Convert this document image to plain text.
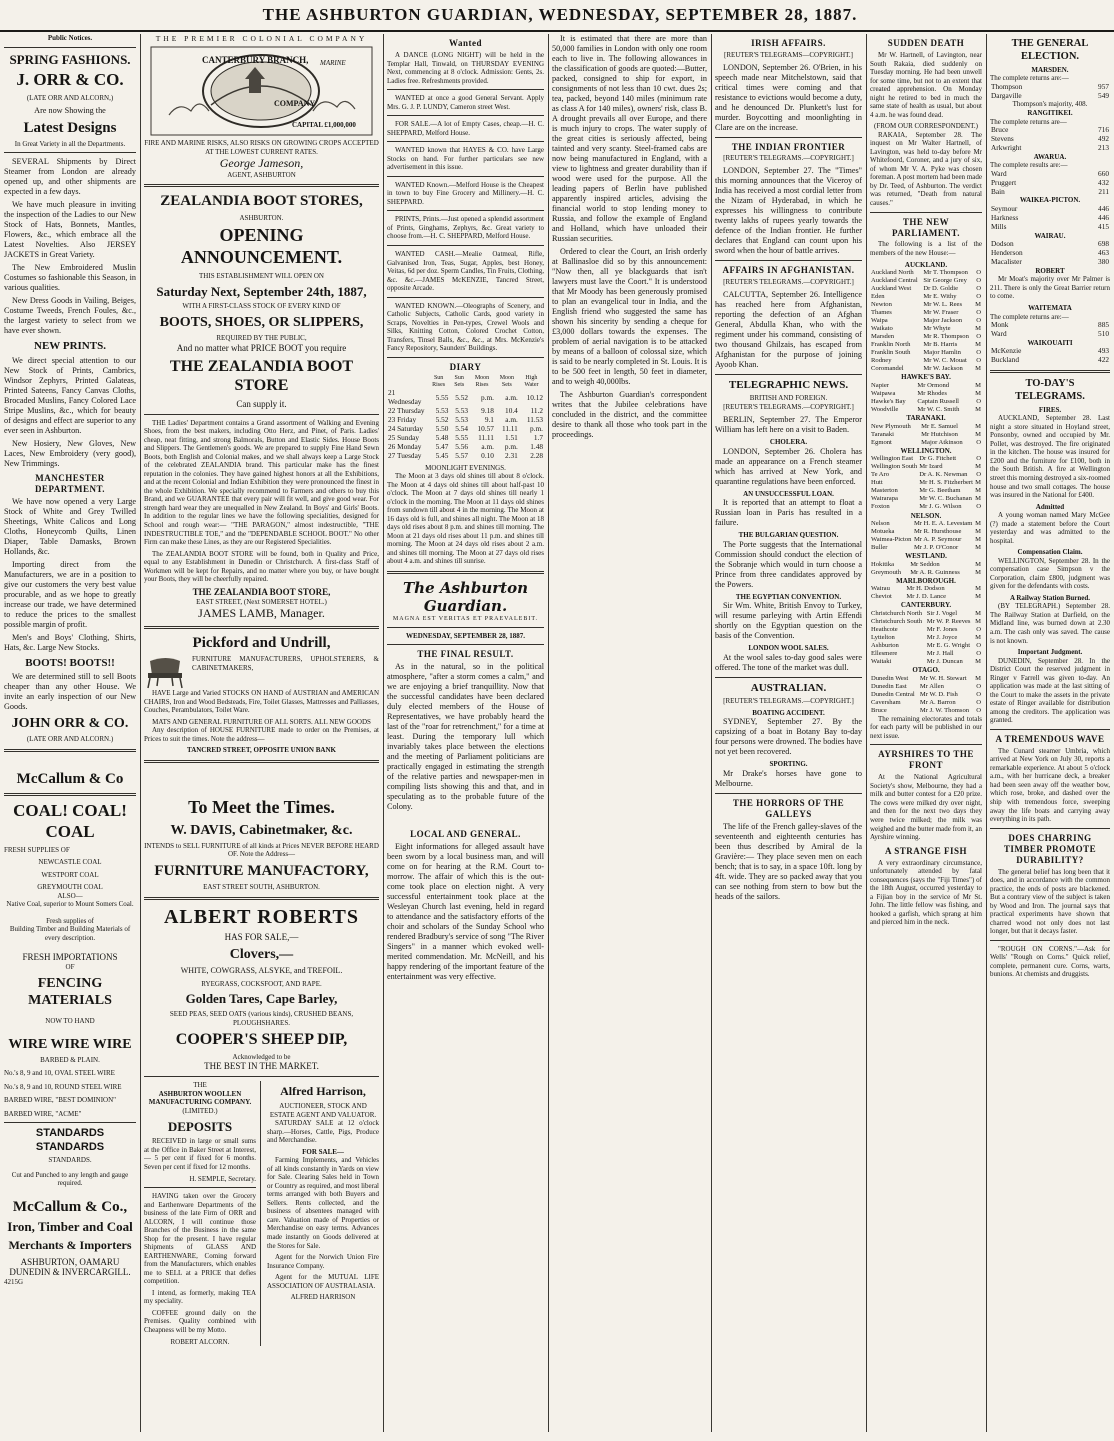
THE ASHBURTON GUARDIAN, WEDNESDAY, SEPTEMBER 28, 1887.
Public Notices.
SPRING FASHIONS.
J. ORR & CO.
(LATE ORR AND ALCORN,)
Are now Showing the
Latest Designs
In Great Variety in all the Departments.

SEVERAL Shipments by Direct Steamer from London are already opened up, and other shipments are expected in a few days.

We have much pleasure in inviting the inspection of the Ladies to our New Stock of Hats, Bonnets, Mantles, Flowers, &c., which embrace all the Latest Novelties. Also JERSEY JACKETS in Great Variety.

The New Embroidered Muslin Costumes so fashionable this Season, in various qualities.

New Dress Goods in Vailing, Beiges, Costume Tweeds, French Foules, &c., the largest variety to select from we have ever shown.

NEW PRINTS.

We direct special attention to our New Stock of Prints, Cambrics, Windsor Zephyrs, Printed Galateas, Printed Sateens, Fancy Canvas Cloths, Brocaded Muslins, Fancy Colored Lace Stripe Muslins, &c., which for beauty of designs and effect are superior to any ever seen in Ashburton.

New Hosiery, New Gloves, New Laces, New Embroidery (very good), New Trimmings.

MANCHESTER DEPARTMENT.

We have now opened a very Large Stock of White and Grey Twilled Sheetings, White Calicos and Long Cloths, Honeycomb Quilts, Linen Diaper, Table Damasks, Brown Hollands, &c.

Importing direct from the Manufacturers, we are in a position to give our customers the very best value procurable, and as we hope to greatly increase our trade, we have determined to reduce the prices to the smallest possible margin of profit.

Men's and Boys' Clothing, Shirts, Hats, &c. Large New Stocks.

BOOTS! BOOTS!!

We are determined still to sell Boots cheaper than any other House. We invite an early inspection of our New Goods.

JOHN ORR & CO.
(LATE ORR AND ALCORN.)
McCallum & Co
COAL! COAL! COAL
FRESH SUPPLIES OF
NEWCASTLE COAL
WESTPORT COAL
GREYMOUTH COAL
ALSO—
Native Coal, superior to Mount Somers Coal.
Fresh supplies of
Building Timber and Building Materials of every description.
FRESH IMPORTATIONS
OF
FENCING MATERIALS
NOW TO HAND
WIRE WIRE WIRE
BARBED & PLAIN.
No.'s 8, 9 and 10, OVAL STEEL WIRE
No.'s 8, 9 and 10, ROUND STEEL WIRE
BARBED WIRE, "BEST DOMINION"
BARBED WIRE, "ACME"
STANDARDS STANDARDS
STANDARDS.
Cut and Punched to any length and gauge required.
McCallum & Co.,
Iron, Timber and Coal
Merchants & Importers
ASHBURTON, OAMARU
DUNEDIN & INVERCARGILL.
4215G
THE PREMIER COLONIAL COMPANY
CANTERBURY BRANCH, MARINE
COMPANY
CAPITAL £1,000,000
FIRE AND MARINE RISKS, ALSO RISKS ON GROWING CROPS ACCEPTED AT THE LOWEST CURRENT RATES.
George Jameson,
AGENT, ASHBURTON
ZEALANDIA BOOT STORES,
ASHBURTON.
OPENING ANNOUNCEMENT.
THIS ESTABLISHMENT WILL OPEN ON
Saturday Next, September 24th, 1887,
WITH A FIRST-CLASS STOCK OF EVERY KIND OF
BOOTS, SHOES, OR SLIPPERS,
REQUIRED BY THE PUBLIC,
And no matter what PRICE BOOT you require
THE ZEALANDIA BOOT STORE
Can supply it.

THE Ladies' Department contains a Grand assortment of Walking and Evening Shoes, from the best makers, including Otto Herz, and Pinet, of Paris. Ladies' cheap, neat fitting, and strong Balmorals, Button and Elastic Sides. House Boots and Slippers. The Gentlemen's goods. We are prepared to supply Fine Hand Sewn Boots, both English and Colonial makes, and we shall always keep a Large Stock of the celebrated ZEALANDIA brand. This particular make has the finest reputation in the colonies. They have gained highest honors at all the Exhibitions, and at the recent Colonial and Indian Exhibition they were pronounced the finest in the whole Exhibition. We specially recommend to Farmers and others to buy this Brand, and we GUARANTEE that every pair will fit well, and give good wear. For strength hard wear they are unequalled in New Zealand. In Boys' and Girls' Boots. In addition to the regular lines we have the following specialities, designed for School and rough wear:— "THE PARAGON," almost indestructible, "THE INDESTRUCTIBLE TOE," and the "DEPENDABLE SCHOOL BOOT." No other Firm can make these Lines, as they are our Registered Specialities.

The ZEALANDIA BOOT STORE will be found, both in Quality and Price, equal to any Establishment in Dunedin or Christchurch. A first-class Staff of Workmen will be kept for Repairs, and no matter where you buy, or have bought your Boots, they will be cheerfully repaired.

THE ZEALANDIA BOOT STORE,
EAST STREET, (Next SOMERSET HOTEL.)
JAMES LAMB, Manager.
Pickford and Undrill,
FURNITURE MANUFACTURERS, UPHOLSTERERS, & CABINETMAKERS,

HAVE Large and Varied STOCKS ON HAND of AUSTRIAN and AMERICAN CHAIRS, Iron and Wood Bedsteads, Fire, Toilet Glasses, Mattresses and Palliasses, Couches, Perambulators, Toilet Ware.

MATS AND GENERAL FURNITURE OF ALL SORTS. ALL NEW GOODS

Any description of HOUSE FURNITURE made to order on the Premises, at Prices to suit the times. Note the address—

TANCRED STREET, OPPOSITE UNION BANK
To Meet the Times.
W. DAVIS, Cabinetmaker, &c.
INTENDS to SELL FURNITURE of all kinds at Prices NEVER BEFORE HEARD OF. Note the Address—
FURNITURE MANUFACTORY,
EAST STREET SOUTH, ASHBURTON.
ALBERT ROBERTS
HAS FOR SALE,—
Clovers,—
WHITE, COWGRASS, ALSYKE, and TREFOIL.
RYEGRASS, COCKSFOOT, AND RAPE.
Golden Tares, Cape Barley,
SEED PEAS, SEED OATS (various kinds), CRUSHED BEANS, PLOUGHSHARES.
COOPER'S SHEEP DIP,
Acknowledged to be
THE BEST IN THE MARKET.
THE
ASHBURTON WOOLLEN MANUFACTURING COMPANY.
(LIMITED.)
DEPOSITS

RECEIVED in large or small sums at the Office in Baker Street at Interest,— 5 per cent if fixed for 6 months. Seven per cent if fixed for 12 months.

H. SEMPLE, Secretary.

HAVING taken over the Grocery and Earthenware Departments of the business of the late Firm of ORR and ALCORN, I will continue those Branches of the Business in the same Shop for the present. I have regular Shipments of GLASS AND EARTHENWARE, Coming forward from the Manufacturers, which enables me to SELL at a PRICE that defies competition.

I intend, as formerly, making TEA my speciality.

COFFEE ground daily on the Premises. Quality combined with Cheapness will be my Motto.

ROBERT ALCORN.
Alfred Harrison,
AUCTIONEER, STOCK AND ESTATE AGENT AND VALUATOR.

SATURDAY SALE at 12 o'clock sharp.—Horses, Cattle, Pigs, Produce and Merchandise.

FOR SALE—

Farming Implements, and Vehicles of all kinds constantly in Yards on view for Sale. Clearing Sales held in Town or Country as required, and most liberal terms arranged with both Buyers and Sellers. Rents collected, and the business of absentees managed with care. Valuation made of Properties or Merchandise on easy terms. Advances made instantly on Goods delivered at the Stores for Sale.

Agent for the Norwich Union Fire Insurance Company.

Agent for the MUTUAL LIFE ASSOCIATION OF AUSTRALASIA.

ALFRED HARRISON
Wanted

A DANCE (LONG NIGHT) will be held in the Templar Hall, Tinwald, on THURSDAY EVENING Next, commencing at 8 o'clock. Admission: Gents, 2s. Ladies free. Refreshments provided.

WANTED at once a good General Servant. Apply Mrs. G. J. P. LUNDY, Cameron street West.

FOR SALE.—A lot of Empty Cases, cheap.—H. C. SHEPPARD, Melford House.

WANTED known that HAYES & CO. have Large Stocks on hand. For further particulars see new advertisement in this issue.

WANTED Known.—Melford House is the Cheapest in town to buy Fine Grocery and Millinery.—H. C. SHEPPARD.

PRINTS, Prints.—Just opened a splendid assortment of Prints, Ginghams, Zephyrs, &c. Great variety to choose from.—H. C. SHEPPARD, Melford House.

WANTED CASH.—Mealie Oatmeal, Rifle, Galvanised Iron, Teas, Sugar, Apples, best Honey, Veitas, 6d per doz. Sperm Candles, Tin Fruits, Clothing, &c. &c.—JAMES McKENZIE, Tancred Street, opposite Arcade.

WANTED KNOWN.—Oleographs of Scenery, and Catholic Subjects, Catholic Cards, good variety in Scraps, Novelties in Pen-types, Crewel Wools and Silks, Knitting Cotton, Colored Crochet Cotton, Transfers, Tinsel Balls, &c., &c., at Mrs. McKenzie's Fancy Repository, Saunders' Buildings.

DIARY
	Sun Rises	Sun Sets	Moon Rises	Moon Sets	High Water
21 Wednesday	5.55	5.52	p.m.	a.m.	10.12
22 Thursday	5.53	5.53	9.18	10.4	11.2
23 Friday	5.52	5.53	9.1	a.m.	11.53
24 Saturday	5.50	5.54	10.57	11.11	p.m.
25 Sunday	5.48	5.55	11.11	1.51	1.7
26 Monday	5.47	5.56	a.m.	p.m.	1.48
27 Tuesday	5.45	5.57	0.10	2.31	2.28
MOONLIGHT EVENINGS.

The Moon at 3 days old shines till about 8 o'clock. The Moon at 4 days old shines till about half-past 10 o'clock. The Moon at 7 days old shines till nearly 1 o'clock in the morning. The Moon at 11 days old shines from sundown till about 4 in the morning. The Moon at 16 days old is full, and shines all night. The Moon at 18 days old rises about 8 p.m. and shines till morning. The Moon at 21 days old rises about 11 p.m. and shines till morning. The Moon at 24 days old rises about 2 a.m. and shines till morning. The Moon at 27 days old rises about 4 a.m. and shines till sunrise.

The Ashburton Guardian.
MAGNA EST VERITAS ET PRAEVALEBIT.
WEDNESDAY, SEPTEMBER 28, 1887.
THE FINAL RESULT.

As in the natural, so in the political atmosphere, "after a storm comes a calm," and we are enjoying a brief tranquillity. Now that the successful candidates have been declared duly elected members of the House of Representatives, we have probably heard the last of the "roar for retrenchment," for a time at least. During the temporary lull which invariably takes place between the elections and the meeting of Parliament politicians are practically engaged in estimating the strength of the relative parties and newspaper-men in compiling lists showing this and that, and in speculating as to the probable future of the Colony.

LOCAL AND GENERAL.

Eight informations for alleged assault have been sworn by a local business man, and will come on for hearing at the R.M. Court to-morrow. The affair of which this is the out-come took place on election night. A very successful entertainment took place at the Wesleyan Church last evening, held in regard to attendance and the satisfactory efforts of the choir and scholars of the Sunday School who rendered Bradbury's service of song "The River Singers" in a manner which evoked well-merited commendation. Mr. McNeill, and his happy rendering of the important feature of the entertainment was very effective.

It is estimated that there are more than 50,000 families in London with only one room each to live in. The following allowances in the classification of goods are quoted:—Butter, packed, consigned to ship for export, in consignments of not less than 10 cwt. dues 2s; tea, packed, beyond 140 miles (minimum rate as class A for 140 miles), owners' risk, class B. A drought prevails all over Europe, and there is much injury to crops. The water supply of the great cities is seriously affected, being tainted and very scanty. Steel-framed cabs are now being manufactured in England, with a view to lightness and greater durability than if wood were used for the purpose. All the leading papers of Berlin have published apparently inspired articles, advising the financial world to stop lending money to Russia, and follow the example of England and Holland, which have unloaded their Russian securities.

Ordered to clear the Court, an Irish orderly at Ballinasloe did so by this announcement: "Now then, all ye blackguards that isn't lawyers must lave the Coort." It is understood that Mr Moody has been generously promised to plan an evangelical tour in India, and the English friend who suggested the same has shown his sincerity by sending a cheque for £3,000 dollars towards the expenses. The problem of aerial navigation is to be attacked by means of a balloon of colossal size, which is said to be nearly completed in St. Louis. It is to be 500 feet in length, 50 feet in diameter, and to weigh 40,000lbs.

The Ashburton Guardian's correspondent writes that the Jubilee celebrations have concluded in the district, and the committee desire to thank all those who took part in the proceedings.

IRISH AFFAIRS.
[REUTER'S TELEGRAMS—COPYRIGHT.]

LONDON, September 26. O'Brien, in his speech made near Mitchelstown, said that critical times were coming and that resistance to evictions would become a duty, and he denounced Dr. Plunkett's lust for murder. Boycotting and moonlighting in Clare are on the increase.

THE INDIAN FRONTIER
[REUTER'S TELEGRAMS.—COPYRIGHT.]

LONDON, September 27. The "Times" this morning announces that the Viceroy of India has received a most cordial letter from the Nizam of Hyderabad, in which he expresses his willingness to contribute twenty lakhs of rupees yearly towards the defence of the Indian frontier. He further declares that England can count upon his sword when the hour of battle arrives.

AFFAIRS IN AFGHANISTAN.
[REUTER'S TELEGRAMS.—COPYRIGHT.]

CALCUTTA, September 26. Intelligence has reached here from Afghanistan, reporting the defection of an Afghan General, Abdulla Khan, who with the regiment under his command, consisting of two thousand Ghilzais, has escaped from Afghanistan for the purpose of joining Ayoob Khan.

TELEGRAPHIC NEWS.
BRITISH AND FOREIGN.
[REUTER'S TELEGRAMS.—COPYRIGHT.]

BERLIN, September 27. The Emperor William has left here on a visit to Baden.

CHOLERA.

LONDON, September 26. Cholera has made an appearance on a French steamer which has arrived at New York, and quarantine regulations have been enforced.

AN UNSUCCESSFUL LOAN.

It is reported that an attempt to float a Russian loan in Paris has resulted in a failure.

THE BULGARIAN QUESTION.

The Porte suggests that the International Commission should conduct the election of the Sobranje which would in turn choose a Prince from three candidates approved by the Powers.

THE EGYPTIAN CONVENTION.

Sir Wm. White, British Envoy to Turkey, will resume parleying with Artin Effendi shortly on the Egyptian question on the basis of the Convention.

LONDON WOOL SALES.

At the wool sales to-day good sales were offered. The tone of the market was dull.

AUSTRALIAN.
[REUTER'S TELEGRAMS.—COPYRIGHT.]
BOATING ACCIDENT.

SYDNEY, September 27. By the capsizing of a boat in Botany Bay to-day four persons were drowned. The bodies have not yet been recovered.

SPORTING.

Mr Drake's horses have gone to Melbourne.

THE HORRORS OF THE GALLEYS

The life of the French galley-slaves of the seventeenth and eighteenth centuries has been thus described by Amiral de la Gravière:— They place seven men on each bench; that is to say, in a space 10ft. long by 4ft. wide. They are so packed away that you can see nothing from stern to bow but the heads of the sailors.

SUDDEN DEATH

Mr W. Hartnell, of Lavington, near South Rakaia, died suddenly on Tuesday morning. He had been unwell for some time, but not to an extent that created apprehension. On Monday night he retired to bed in much the same state of health as usual, but about 4 a.m. he was found dead.

(FROM OUR CORRESPONDENT.)

RAKAIA, September 28. The inquest on Mr Walter Hartnell, of Lavington, was held to-day before Mr Whitefoord, Coroner, and a jury of six, of whom Mr V. A. Pyke was chosen foreman. A post mortem had been made by Dr. Teed, of Ashburton. The verdict was returned, "Death from natural causes."

THE NEW PARLIAMENT.

The following is a list of the members of the new House:—

AUCKLAND.
Auckland North	Mr T. Thompson	O
Auckland Central	Sir George Grey	O
Auckland West	Dr D. Goldie	O
Eden	Mr E. Withy	O
Newton	Mr W. L. Rees	M
Thames	Mr W. Fraser	O
Waipa	Major Jackson	O
Waikato	Mr Whyte	M
Marsden	Mr R. Thompson	O
Franklin North	Mr B. Harris	M
Franklin South	Major Hamlin	O
Rodney	Mr W. C. Mouat	O
Coromandel	Mr W. Jackson	M
HAWKE'S BAY.
Napier	Mr Ormond	M
Waipawa	Mr Rhodes	M
Hawke's Bay	Captain Russell	O
Woodville	Mr W. C. Smith	M
TARANAKI.
New Plymouth	Mr E. Samuel	M
Taranaki	Mr Hutchison	M
Egmont	Major Atkinson	O
WELLINGTON.
Wellington East	Dr G. Fitchett	O
Wellington South	Mr Izard	M
Te Aro	Dr A. K. Newman	O
Hutt	Mr H. S. Fitzherbert	M
Masterton	Mr G. Beetham	M
Wairarapa	Mr W. C. Buchanan	M
Foxton	Mr J. G. Wilson	O
NELSON.
Nelson	Mr H. E. A. Levestam	M
Motueka	Mr R. Hursthouse	M
Waimea-Picton	Mr A. P. Seymour	M
Buller	Mr J. P. O'Conor	M
WESTLAND.
Hokitika	Mr Seddon	M
Greymouth	Mr A. R. Guinness	M
MARLBOROUGH.
Wairau	Mr H. Dodson	M
Cheviot	Mr J. D. Lance	M
CANTERBURY.
Christchurch North	Sir J. Vogel	M
Christchurch South	Mr W. P. Reeves	M
Heathcote	Mr F. Jones	O
Lyttelton	Mr J. Joyce	M
Ashburton	Mr E. G. Wright	O
Ellesmere	Mr J. Hall	O
Waitaki	Mr J. Duncan	M
OTAGO.
Dunedin West	Mr W. H. Stewart	M
Dunedin East	Mr Allen	O
Dunedin Central	Mr W. D. Fish	O
Caversham	Mr A. Barron	O
Bruce	Mr J. W. Thomson	O

The remaining electorates and totals for each party will be published in our next issue.

AYRSHIRES TO THE FRONT

At the National Agricultural Society's show, Melbourne, they had a milk and butter contest for a £20 prize. The cows were milked dry over night, and then for the next two days they were twice milked; the milk was weighed and the butter made from it, an Ayrshire winning.

A STRANGE FISH

A very extraordinary circumstance, unfortunately attended by fatal consequences (says the "Fiji Times") of the 18th August, occurred yesterday to a Fijian boy in the service of Mr St. John. The little fellow was fishing, and hooked a garfish, which sprang at him and pierced him in the neck.

THE GENERAL ELECTION.
MARSDEN.
The complete returns are:—
Thompson	957
Dargaville	549
Thompson's majority, 408.
RANGITIKEI.
The complete returns are—
Bruce	716
Stevens	492
Arkwright	213
AWARUA.
The complete results are:—
Ward	660
Pruggert	432
Bain	211
WAIKEA-PICTON.
Seymour	446
Harkness	446
Mills	415
WAIRAU.
Dodson	698
Henderson	463
Macalister	380
ROBERT

Mr Moat's majority over Mr Palmer is 211. There is only the Great Barrier return to come.

WAITEMATA
The complete returns are:—
Monk	885
Ward	510
WAIKOUAITI
McKenzie	493
Buckland	422
TO-DAY'S TELEGRAMS.
FIRES.

AUCKLAND, September 28. Last night a store situated in Hoyland street, Ponsonby, owned and occupied by Mr. Pollet, was destroyed. The fire originated in the kitchen. The house was insured for £200 and the furniture for £100, both in the South British. A fire at Wellington street this morning destroyed a six-roomed house and two small cottages. The house was insured in the National for £400.

Admitted

A young woman named Mary McGee (?) made a statement before the Court yesterday and was admitted to the hospital.

Compensation Claim.

WELLINGTON, September 28. In the compensation case Simpson v the Corporation, claim £800, judgment was given for the defendants with costs.

A Railway Station Burned.

(BY TELEGRAPH.) September 28. The Railway Station at Darfield, on the Midland line, was burned down at 2.30 a.m. The cash only was saved. The cause is not known.

Important Judgment.

DUNEDIN, September 28. In the District Court the reserved judgment in Ringer v Farrell was given to-day. An application was made at the last sitting of the Court to make the assets in the private estate of Ringer available for distribution among the creditors. The application was granted.

A TREMENDOUS WAVE

The Cunard steamer Umbria, which arrived at New York on July 30, reports a remarkable experience. At about 5 o'clock a.m., with her hurricane deck, a breaker had been seen away off the weather bow, which rose, broke, and dashed over the ship with tremendous force, sweeping away the life boats and carrying away everything in its path.

DOES CHARRING TIMBER PROMOTE DURABILITY?

The general belief has long been that it does, and in accordance with the common practice, the ends of posts are blackened. But a contrary view of the subject is taken by Wood and Iron. The journal says that practical experiments have shown that charred wood not only does not last longer, but that it decays faster.

"ROUGH ON CORNS."—Ask for Wells' "Rough on Corns." Quick relief, complete, permanent cure. Corns, warts, bunions. At chemists and druggists.
